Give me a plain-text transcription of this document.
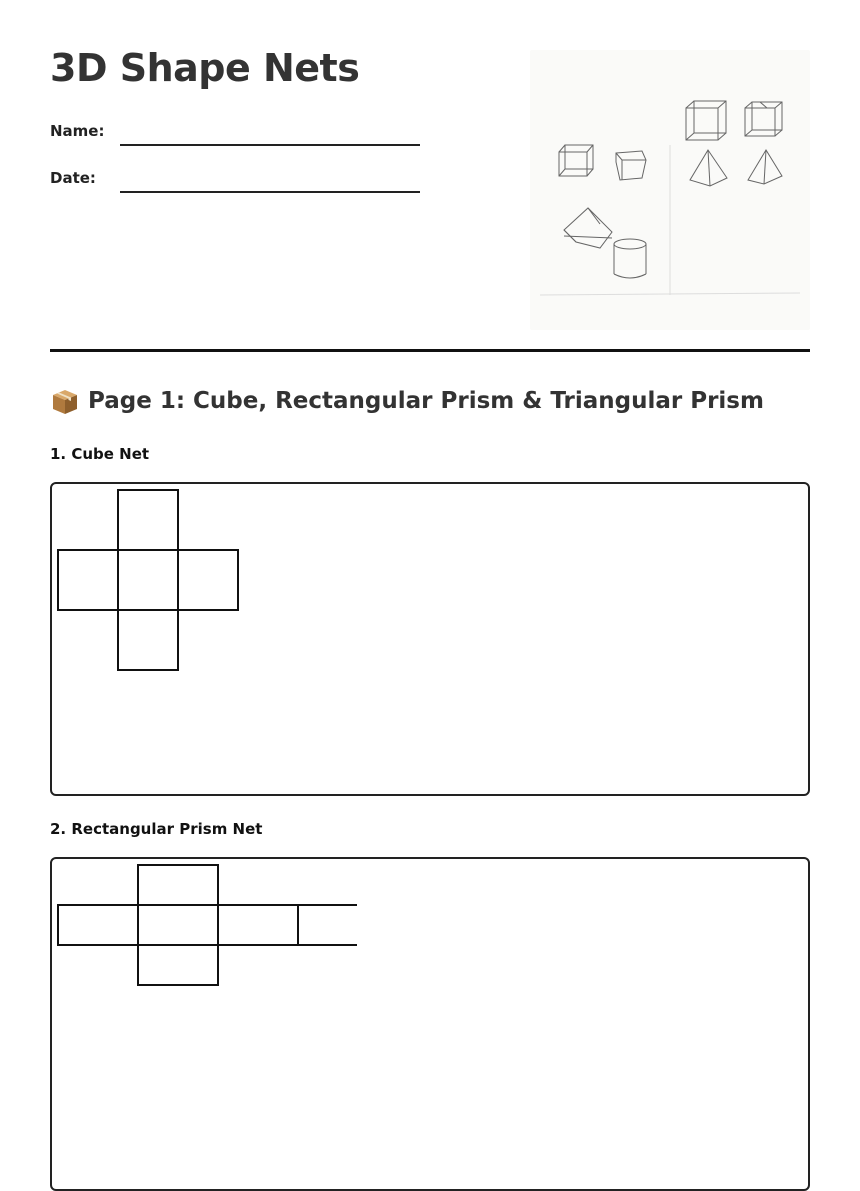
3D Shape Nets
Name:
Date:
Page 1: Cube, Rectangular Prism & Triangular Prism
1. Cube Net
2. Rectangular Prism Net
